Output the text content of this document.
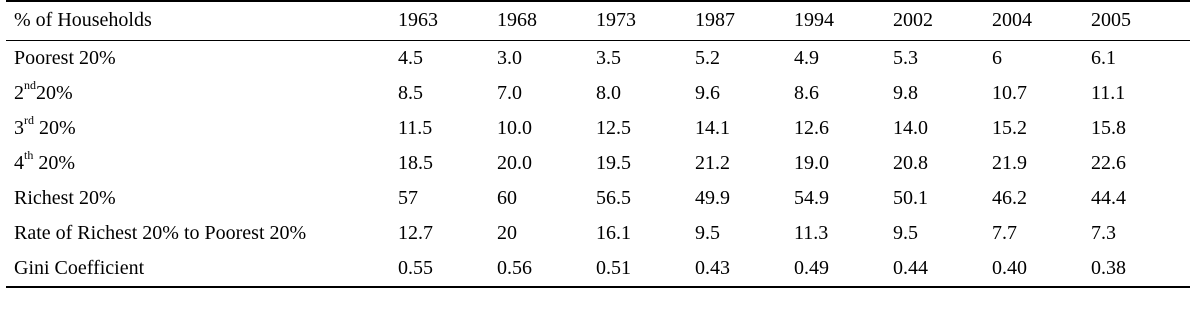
% of Households	1963	1968	1973	1987	1994	2002	2004	2005
Poorest 20%	4.5	3.0	3.5	5.2	4.9	5.3	6	6.1
2nd20%	8.5	7.0	8.0	9.6	8.6	9.8	10.7	11.1
3rd 20%	11.5	10.0	12.5	14.1	12.6	14.0	15.2	15.8
4th 20%	18.5	20.0	19.5	21.2	19.0	20.8	21.9	22.6
Richest 20%	57	60	56.5	49.9	54.9	50.1	46.2	44.4
Rate of Richest 20% to Poorest 20%	12.7	20	16.1	9.5	11.3	9.5	7.7	7.3
Gini Coefficient	0.55	0.56	0.51	0.43	0.49	0.44	0.40	0.38
